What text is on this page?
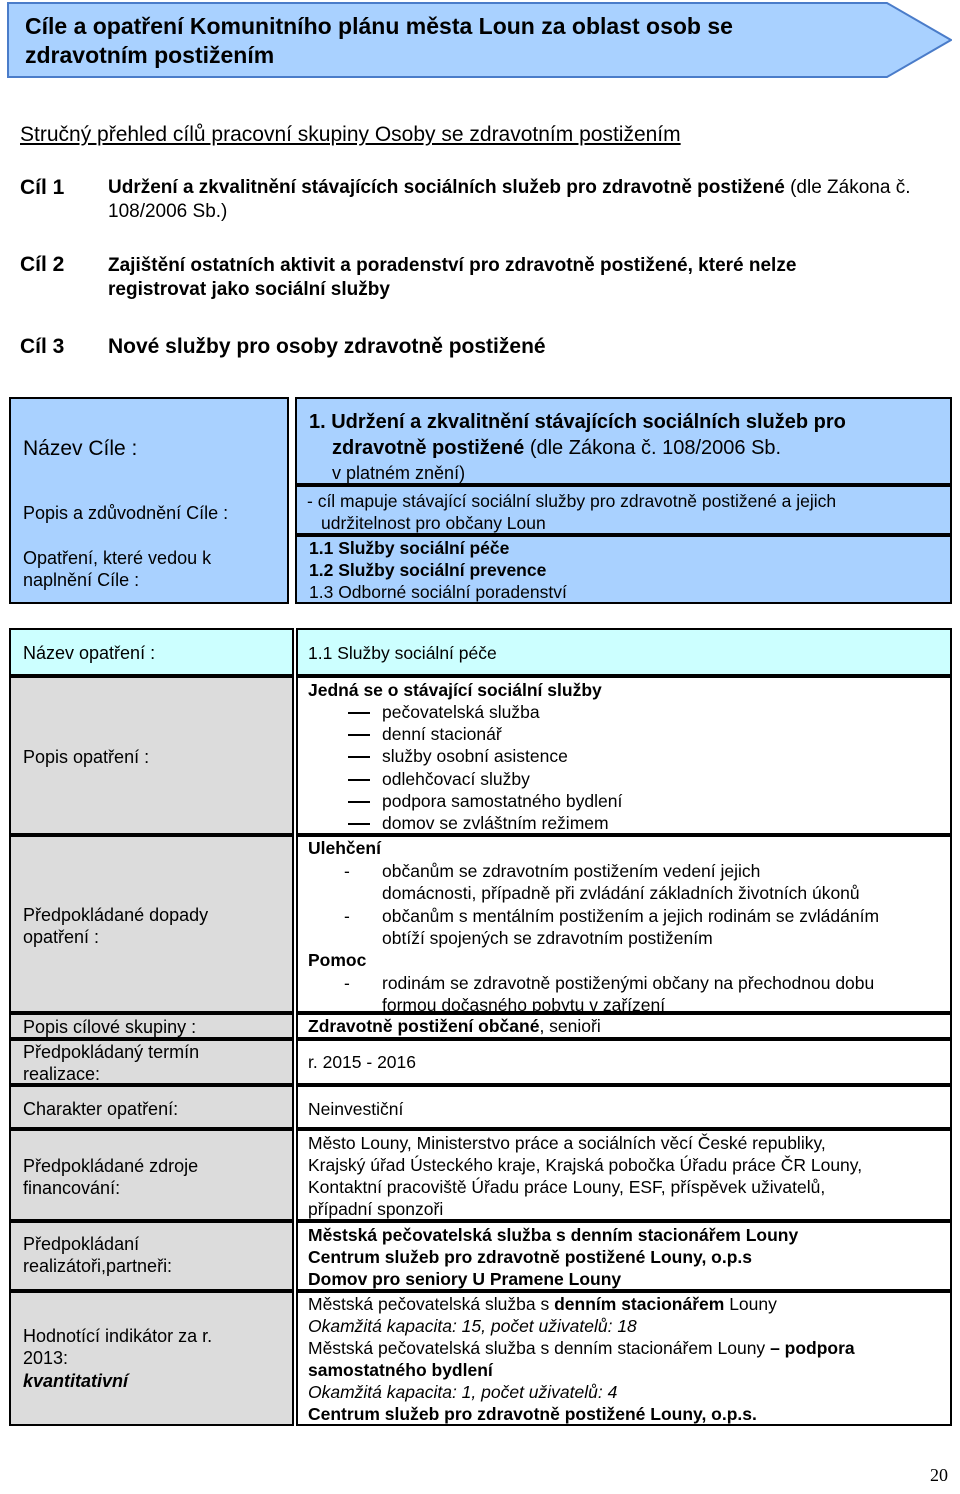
Cíle a opatření Komunitního plánu města Loun za oblast osob se zdravotním postižením
Stručný přehled cílů pracovní skupiny Osoby se zdravotním postižením
Cíl 1 Udržení a zkvalitnění stávajících sociálních služeb pro zdravotně postižené (dle Zákona č. 108/2006 Sb.)
Cíl 2 Zajištění ostatních aktivit a poradenství pro zdravotně postižené, které nelze registrovat jako sociální služby
Cíl 3 Nové služby pro osoby zdravotně postižené
Název Cíle :
Popis a zdůvodnění Cíle :
Opatření, které vedou k naplnění Cíle :
1. Udržení a zkvalitnění stávajících sociálních služeb pro
zdravotně postižené (dle Zákona č. 108/2006 Sb.
v platném znění)
- cíl mapuje stávající sociální služby pro zdravotně postižené a jejich
udržitelnost pro občany Loun
1.1 Služby sociální péče
1.2 Služby sociální prevence
1.3 Odborné sociální poradenství
Název opatření :	1.1 Služby sociální péče
Popis opatření :
Předpokládané dopady opatření :
Popis cílové skupiny :
Předpokládaný termín realizace:
Charakter opatření:
Předpokládané zdroje financování:
Předpokládaní realizátoři,partneři:
Hodnotící indikátor za r. 2013:
kvantitativní
Jedná se o stávající sociální služby
pečovatelská služba
denní stacionář
služby osobní asistence
odlehčovací služby
podpora samostatného bydlení
domov se zvláštním režimem
Ulehčení
- občanům se zdravotním postižením vedení jejich
domácnosti, případně při zvládání základních životních úkonů
- občanům s mentálním postižením a jejich rodinám se zvládáním
obtíží spojených se zdravotním postižením
Pomoc
- rodinám se zdravotně postiženými občany na přechodnou dobu
formou dočasného pobytu v zařízení
Zdravotně postižení občané, senioři
r. 2015 - 2016
Neinvestiční
Město Louny, Ministerstvo práce a sociálních věcí České republiky,
Krajský úřad Ústeckého kraje, Krajská pobočka Úřadu práce ČR Louny,
Kontaktní pracoviště Úřadu práce Louny, ESF, příspěvek uživatelů,
případní sponzoři
Městská pečovatelská služba s denním stacionářem Louny
Centrum služeb pro zdravotně postižené Louny, o.p.s
Domov pro seniory U Pramene Louny
Městská pečovatelská služba s denním stacionářem Louny
Okamžitá kapacita: 15, počet uživatelů: 18
Městská pečovatelská služba s denním stacionářem Louny – podpora
samostatného bydlení
Okamžitá kapacita: 1, počet uživatelů: 4
Centrum služeb pro zdravotně postižené Louny, o.p.s.
20
